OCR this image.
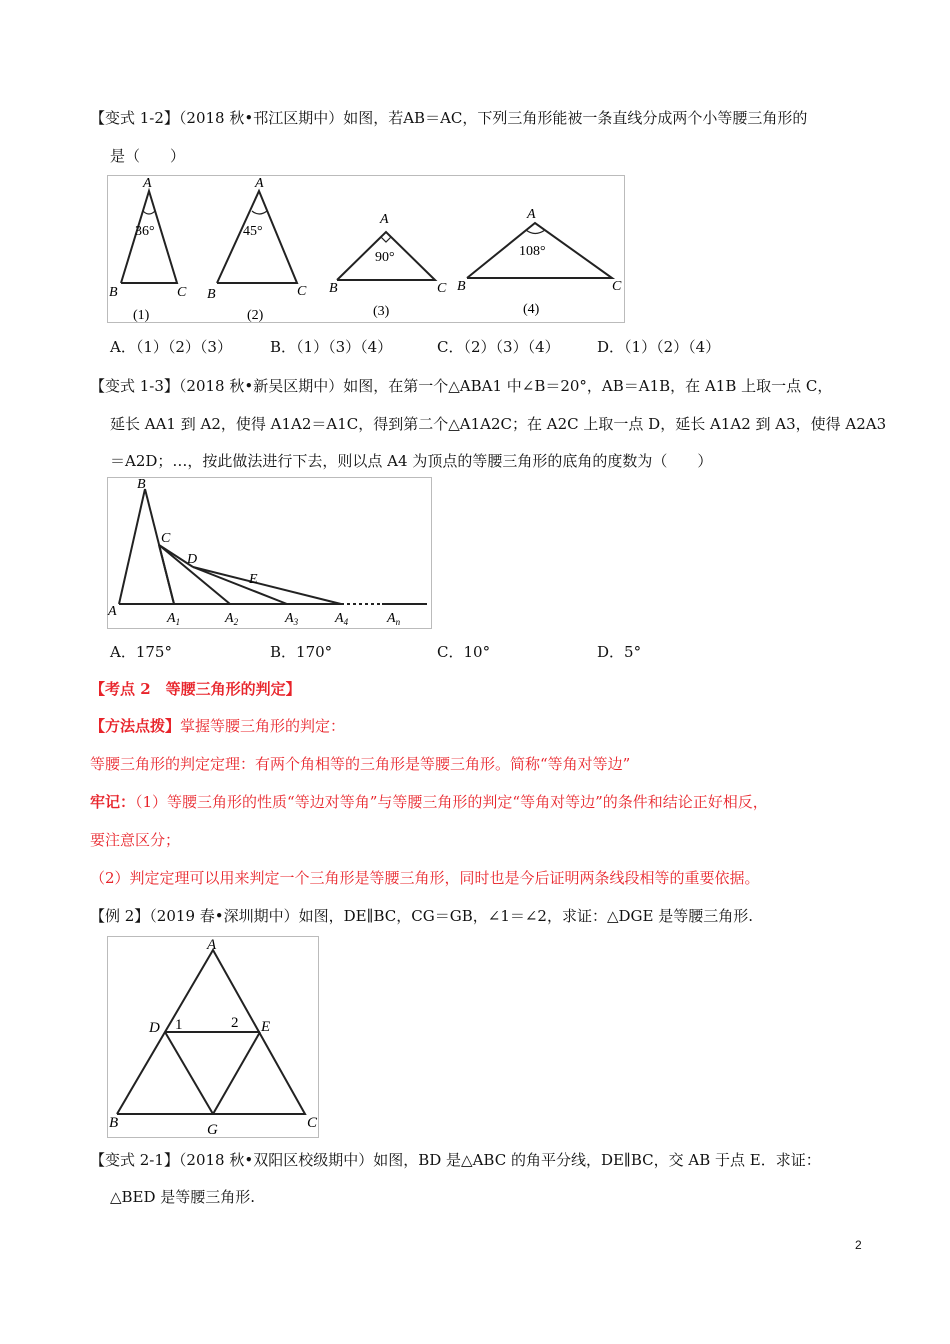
【变式 1-2】（2018 秋•邗江区期中）如图，若AB＝AC，下列三角形能被一条直线分成两个小等腰三角形的
是（　　）
A
36°
B	C
(1)
A
45°
B	C
(2)
A
90°
B	C
(3)
A
108°
B	C
(4)
A．（1）（2）（3）	B．（1）（3）（4）	C．（2）（3）（4） D．（1）（2）（4）
【变式 1-3】（2018 秋•新吴区期中）如图，在第一个△ABA1 中∠B＝20°，AB＝A1B，在 A1B 上取一点 C，
延长 AA1 到 A2，使得 A1A2＝A1C，得到第二个△A1A2C；在 A2C 上取一点 D，延长 A1A2 到 A3，使得 A2A3
＝A2D；…，按此做法进行下去，则以点 A4 为顶点的等腰三角形的底角的度数为（　　）
B
C
D
E
A	$A_1$	$A_2$	$A_3$	$A_4$	$A_n$
A．175°	B．170°	C．10°	D．5°
【考点 2　等腰三角形的判定】
【方法点拨】掌握等腰三角形的判定：
等腰三角形的判定定理：有两个角相等的三角形是等腰三角形。简称“等角对等边”
牢记：（1）等腰三角形的性质“等边对等角”与等腰三角形的判定“等角对等边”的条件和结论正好相反，
要注意区分；
（2）判定定理可以用来判定一个三角形是等腰三角形，同时也是今后证明两条线段相等的重要依据。
【例 2】（2019 春•深圳期中）如图，DE∥BC，CG＝GB，∠1＝∠2，求证：△DGE 是等腰三角形.
A
D 1	2 E
B	C
G
【变式 2-1】（2018 秋•双阳区校级期中）如图，BD 是△ABC 的角平分线，DE∥BC，交 AB 于点 E．求证：
△BED 是等腰三角形.
2
